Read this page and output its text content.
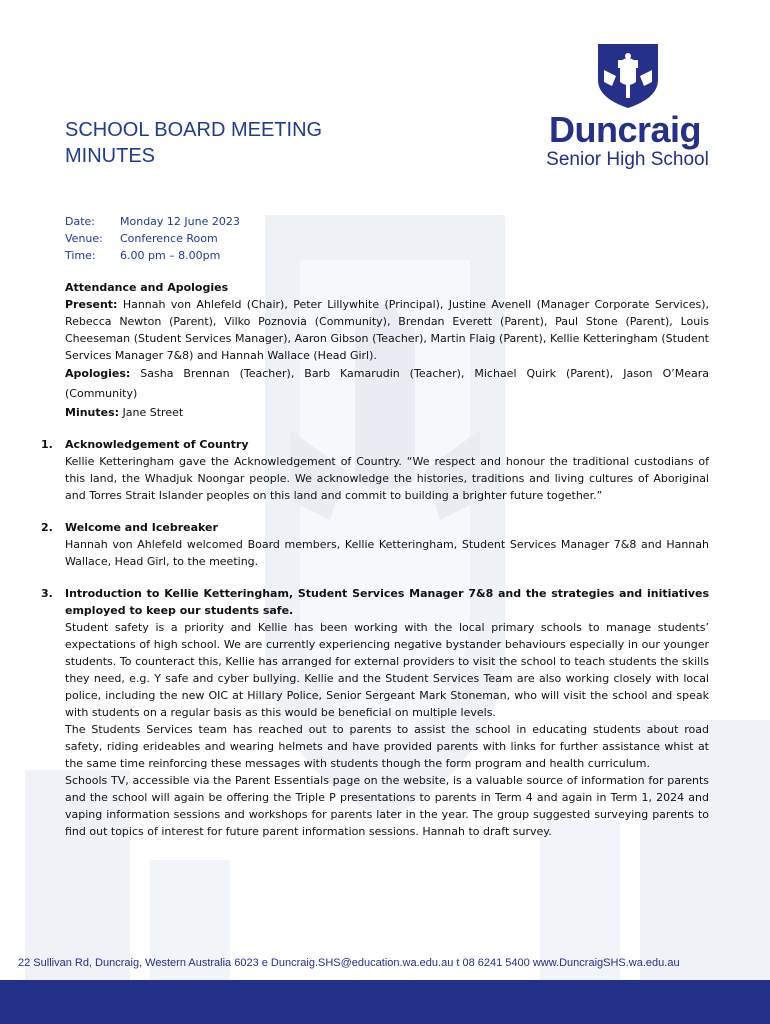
SCHOOL BOARD MEETING
MINUTES
Duncraig
Senior High School
Date:	Monday 12 June 2023
Venue:	Conference Room
Time:	6.00 pm – 8.00pm

Attendance and Apologies

Present: Hannah von Ahlefeld (Chair), Peter Lillywhite (Principal), Justine Avenell (Manager Corporate Services), Rebecca Newton (Parent), Vilko Poznovia (Community), Brendan Everett (Parent), Paul Stone (Parent), Louis Cheeseman (Student Services Manager), Aaron Gibson (Teacher), Martin Flaig (Parent), Kellie Ketteringham (Student Services Manager 7&8) and Hannah Wallace (Head Girl).

Apologies: Sasha Brennan (Teacher), Barb Kamarudin (Teacher), Michael Quirk (Parent), Jason O’Meara (Community)

Minutes: Jane Street

1. Acknowledgement of Country

Kellie Ketteringham gave the Acknowledgement of Country. “We respect and honour the traditional custodians of this land, the Whadjuk Noongar people. We acknowledge the histories, traditions and living cultures of Aboriginal and Torres Strait Islander peoples on this land and commit to building a brighter future together.”

2. Welcome and Icebreaker

Hannah von Ahlefeld welcomed Board members, Kellie Ketteringham, Student Services Manager 7&8 and Hannah Wallace, Head Girl, to the meeting.

3. Introduction to Kellie Ketteringham, Student Services Manager 7&8 and the strategies and initiatives employed to keep our students safe.

Student safety is a priority and Kellie has been working with the local primary schools to manage students’ expectations of high school. We are currently experiencing negative bystander behaviours especially in our younger students. To counteract this, Kellie has arranged for external providers to visit the school to teach students the skills they need, e.g. Y safe and cyber bullying. Kellie and the Student Services Team are also working closely with local police, including the new OIC at Hillary Police, Senior Sergeant Mark Stoneman, who will visit the school and speak with students on a regular basis as this would be beneficial on multiple levels.

The Students Services team has reached out to parents to assist the school in educating students about road safety, riding erideables and wearing helmets and have provided parents with links for further assistance whist at the same time reinforcing these messages with students though the form program and health curriculum.

Schools TV, accessible via the Parent Essentials page on the website, is a valuable source of information for parents and the school will again be offering the Triple P presentations to parents in Term 4 and again in Term 1, 2024 and vaping information sessions and workshops for parents later in the year. The group suggested surveying parents to find out topics of interest for future parent information sessions. Hannah to draft survey.

22 Sullivan Rd, Duncraig, Western Australia 6023 e Duncraig.SHS@education.wa.edu.au t 08 6241 5400 www.DuncraigSHS.wa.edu.au
